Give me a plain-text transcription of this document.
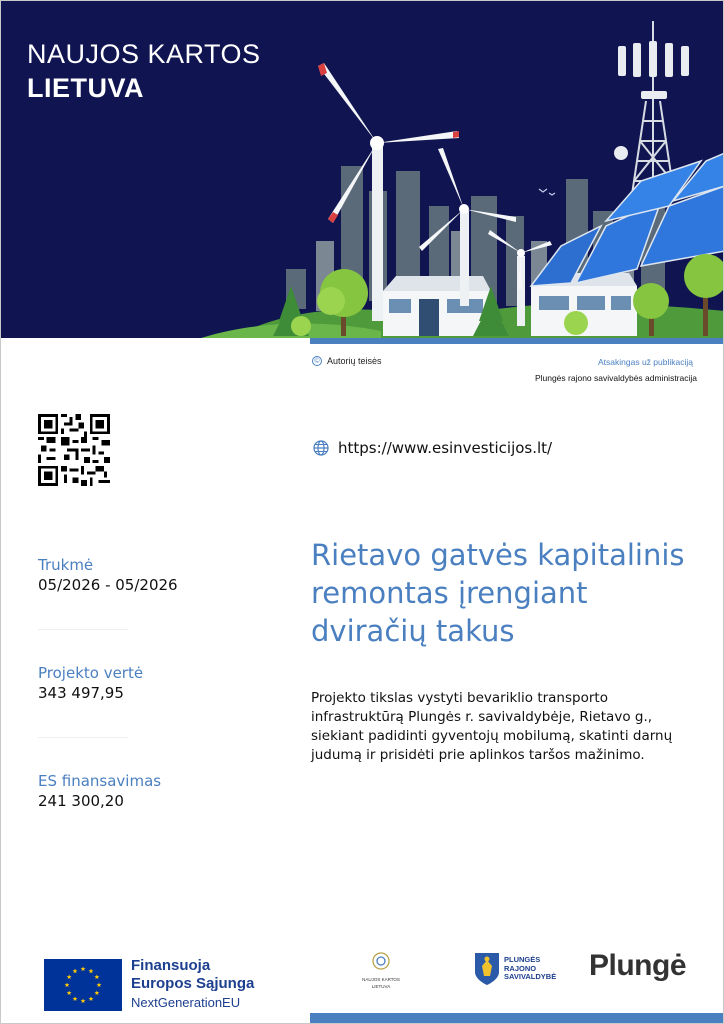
NAUJOS KARTOS
LIETUVA
© Autorių teisės	Atsakingas už publikaciją
Plungės rajono savivaldybės administracija
https://www.esinvesticijos.lt/
Trukmė
05/2026 - 05/2026
Projekto vertė
343 497,95
ES finansavimas
241 300,20
Rietavo gatvės kapitalinis remontas įrengiant dviračių takus

Projekto tikslas vystyti bevariklio transporto infrastruktūrą Plungės r. savivaldybėje, Rietavo g., siekiant padidinti gyventojų mobilumą, skatinti darnų judumą ir prisidėti prie aplinkos taršos mažinimo.

Finansuoja
Europos Sąjunga
NextGenerationEU
NAUJOS KARTOS
LIETUVA
PLUNGĖS
RAJONO
SAVIVALDYBĖ Plungė
